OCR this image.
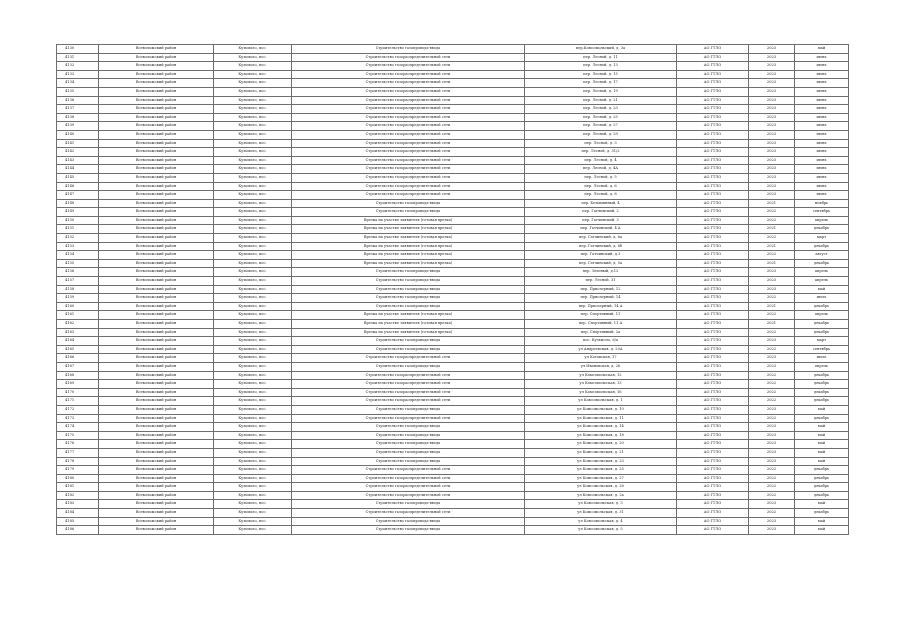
4130	Всеволожский район	Кузьмоло, пос.	Строительство газопровода-ввода	пер.Комсомольский, д. 3а	АО ГТЛО	2023	май
4131	Всеволожский район	Кузьмоло, пос.	Строительство газораспределительной сети	пер. Лесной, д. 11	АО ГТЛО	2023	июнь
4132	Всеволожский район	Кузьмоло, пос.	Строительство газораспределительной сети	пер. Лесной, д. 13	АО ГТЛО	2023	июнь
4133	Всеволожский район	Кузьмоло, пос.	Строительство газораспределительной сети	пер. Лесной, д. 15	АО ГТЛО	2023	июнь
4134	Всеволожский район	Кузьмоло, пос.	Строительство газораспределительной сети	пер. Лесной, д. 17	АО ГТЛО	2023	июнь
4135	Всеволожский район	Кузьмоло, пос.	Строительство газораспределительной сети	пер. Лесной, д. 19	АО ГТЛО	2023	июнь
4136	Всеволожский район	Кузьмоло, пос.	Строительство газораспределительной сети	пер. Лесной, д. 21	АО ГТЛО	2023	июнь
4137	Всеволожский район	Кузьмоло, пос.	Строительство газораспределительной сети	пер. Лесной, д. 23	АО ГТЛО	2023	июнь
4138	Всеволожский район	Кузьмоло, пос.	Строительство газораспределительной сети	пер. Лесной, д. 25	АО ГТЛО	2023	июнь
4139	Всеволожский район	Кузьмоло, пос.	Строительство газораспределительной сети	пер. Лесной, д. 27	АО ГТЛО	2023	июнь
4140	Всеволожский район	Кузьмоло, пос.	Строительство газораспределительной сети	пер. Лесной, д. 29	АО ГТЛО	2023	июнь
4141	Всеволожский район	Кузьмоло, пос.	Строительство газораспределительной сети	пер. Лесной, д. 3	АО ГТЛО	2023	июнь
4142	Всеволожский район	Кузьмоло, пос.	Строительство газораспределительной сети	пер. Лесной, д. 31/2	АО ГТЛО	2023	июнь
4143	Всеволожский район	Кузьмоло, пос.	Строительство газораспределительной сети	пер. Лесной, д. 4	АО ГТЛО	2023	июнь
4144	Всеволожский район	Кузьмоло, пос.	Строительство газораспределительной сети	пер. Лесной, д. 4А	АО ГТЛО	2023	июнь
4145	Всеволожский район	Кузьмоло, пос.	Строительство газораспределительной сети	пер. Лесной, д. 5	АО ГТЛО	2023	июнь
4146	Всеволожский район	Кузьмоло, пос.	Строительство газораспределительной сети	пер. Лесной, д. 6	АО ГТЛО	2023	июнь
4147	Всеволожский район	Кузьмоло, пос.	Строительство газораспределительной сети	пер. Лесной, д. 8	АО ГТЛО	2023	июнь
4148	Всеволожский район	Кузьмоло, пос.	Строительство газопровода-ввода	пер. Безымянный, 4	АО ГТЛО	2021	ноябрь
4149	Всеволожский район	Кузьмоло, пос.	Строительство газопровода-ввода	пер. Гатчинский, 2	АО ГТЛО	2022	сентябрь
4150	Всеволожский район	Кузьмоло, пос.	Врезка на участке заявителя (готовая врезка)	пер. Гатчинский, 3	АО ГТЛО	2022	апрель
4151	Всеволожский район	Кузьмоло, пос.	Врезка на участке заявителя (готовая врезка)	пер. Гатчинский, 4 А	АО ГТЛО	2021	декабрь
4152	Всеволожский район	Кузьмоло, пос.	Врезка на участке заявителя (готовая врезка)	пер. Гатчинский, д. 6а	АО ГТЛО	2022	март
4153	Всеволожский район	Кузьмоло, пос.	Врезка на участке заявителя (готовая врезка)	пер. Гатчинский, д. 6б	АО ГТЛО	2021	декабрь
4154	Всеволожский район	Кузьмоло, пос.	Врезка на участке заявителя (готовая врезка)	пер. Гатчинский, д.3	АО ГТЛО	2022	август
4155	Всеволожский район	Кузьмоло, пос.	Врезка на участке заявителя (готовая врезка)	пер. Гатчинский, д. 5а	АО ГТЛО	2021	декабрь
4156	Всеволожский район	Кузьмоло, пос.	Строительство газопровода-ввода	пер. Зеленый, д.12	АО ГТЛО	2023	апрель
4157	Всеволожский район	Кузьмоло, пос.	Строительство газопровода-ввода	пер. Лесной, 31	АО ГТЛО	2023	апрель
4158	Всеволожский район	Кузьмоло, пос.	Строительство газопровода-ввода	пер. Приозерный, 12	АО ГТЛО	2023	май
4159	Всеволожский район	Кузьмоло, пос.	Строительство газопровода-ввода	пер. Приозерный, 14	АО ГТЛО	2022	июль
4160	Всеволожский район	Кузьмоло, пос.	Строительство газопровода-ввода	пер. Приозерный, 14 А	АО ГТЛО	2021	декабрь
4161	Всеволожский район	Кузьмоло, пос.	Врезка на участке заявителя (готовая врезка)	пер. Спортивный, 11	АО ГТЛО	2022	апрель
4162	Всеволожский район	Кузьмоло, пос.	Врезка на участке заявителя (готовая врезка)	пер. Спортивный, 11 А	АО ГТЛО	2021	декабрь
4163	Всеволожский район	Кузьмоло, пос.	Врезка на участке заявителя (готовая врезка)	пер. Спортивный, 2а	АО ГТЛО	2022	декабрь
4164	Всеволожский район	Кузьмоло, пос.	Строительство газопровода-ввода	пос. Кузьмоло, 6/а	АО ГТЛО	2023	март
4165	Всеволожский район	Кузьмоло, пос.	Строительство газопровода-ввода	ул Андреевская, д. 20А	АО ГТЛО	2022	сентябрь
4166	Всеволожский район	Кузьмоло, пос.	Строительство газораспределительной сети	ул Котовская, 17	АО ГТЛО	2023	июль
4167	Всеволожский район	Кузьмоло, пос.	Строительство газопровода-ввода	ул Ивановская, д. 26	АО ГТЛО	2023	апрель
4168	Всеволожский район	Кузьмоло, пос.	Строительство газораспределительной сети	ул Комсомольская, 12	АО ГТЛО	2022	декабрь
4169	Всеволожский район	Кузьмоло, пос.	Строительство газораспределительной сети	ул Комсомольская, 13	АО ГТЛО	2022	декабрь
4170	Всеволожский район	Кузьмоло, пос.	Строительство газораспределительной сети	ул Комсомольская, 16	АО ГТЛО	2022	декабрь
4171	Всеволожский район	Кузьмоло, пос.	Строительство газораспределительной сети	ул Комсомольская, д. 1	АО ГТЛО	2022	декабрь
4172	Всеволожский район	Кузьмоло, пос.	Строительство газопровода-ввода	ул Комсомольская, д. 10	АО ГТЛО	2023	май
4173	Всеволожский район	Кузьмоло, пос.	Строительство газораспределительной сети	ул Комсомольская, д. 11	АО ГТЛО	2022	декабрь
4174	Всеволожский район	Кузьмоло, пос.	Строительство газопровода-ввода	ул Комсомольская, д. 14	АО ГТЛО	2023	май
4175	Всеволожский район	Кузьмоло, пос.	Строительство газопровода-ввода	ул Комсомольская, д. 18	АО ГТЛО	2023	май
4176	Всеволожский район	Кузьмоло, пос.	Строительство газопровода-ввода	ул Комсомольская, д. 20	АО ГТЛО	2023	май
4177	Всеволожский район	Кузьмоло, пос.	Строительство газопровода-ввода	ул Комсомольская, д. 21	АО ГТЛО	2023	май
4178	Всеволожский район	Кузьмоло, пос.	Строительство газопровода-ввода	ул Комсомольская, д. 23	АО ГТЛО	2023	май
4179	Всеволожский район	Кузьмоло, пос.	Строительство газораспределительной сети	ул Комсомольская, д. 25	АО ГТЛО	2022	декабрь
4180	Всеволожский район	Кузьмоло, пос.	Строительство газораспределительной сети	ул Комсомольская, д. 27	АО ГТЛО	2022	декабрь
4181	Всеволожский район	Кузьмоло, пос.	Строительство газораспределительной сети	ул Комсомольская, д. 28	АО ГТЛО	2022	декабрь
4182	Всеволожский район	Кузьмоло, пос.	Строительство газораспределительной сети	ул Комсомольская, д. 2а	АО ГТЛО	2022	декабрь
4183	Всеволожский район	Кузьмоло, пос.	Строительство газопровода-ввода	ул Комсомольская, д. 3	АО ГТЛО	2023	май
4184	Всеволожский район	Кузьмоло, пос.	Строительство газораспределительной сети	ул Комсомольская, д. 31	АО ГТЛО	2022	декабрь
4185	Всеволожский район	Кузьмоло, пос.	Строительство газопровода-ввода	ул Комсомольская, д. 4	АО ГТЛО	2023	май
4186	Всеволожский район	Кузьмоло, пос.	Строительство газопровода-ввода	ул Комсомольская, д. 5	АО ГТЛО	2023	май
